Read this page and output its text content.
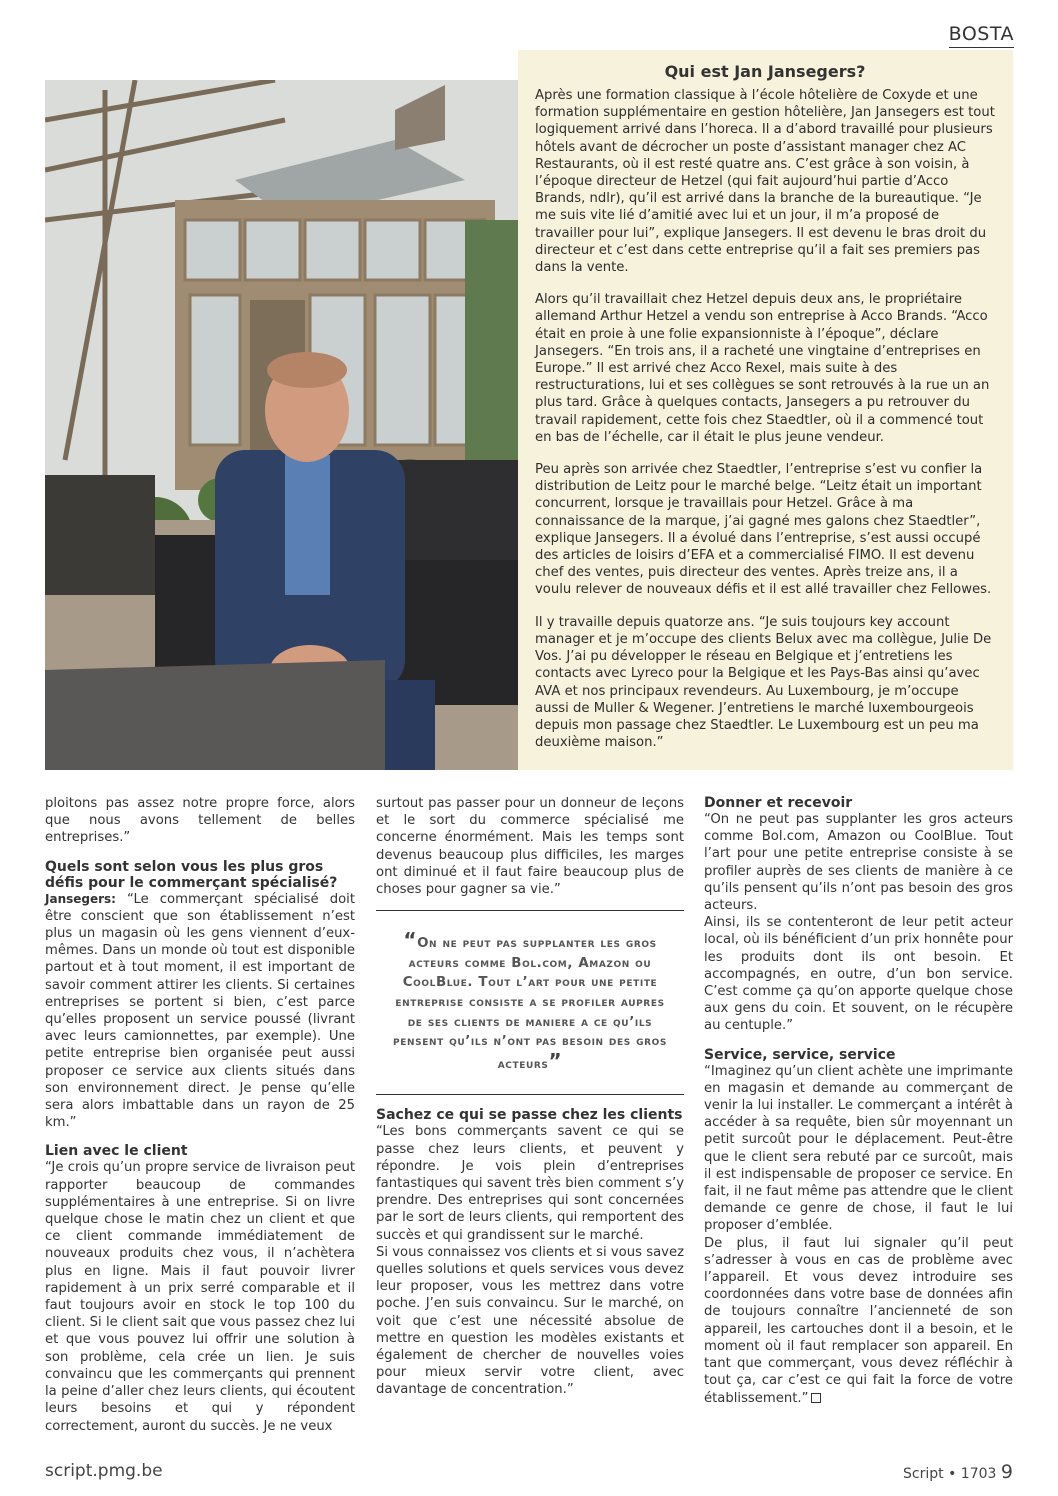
BOSTA
Qui est Jan Jansegers?

Après une formation classique à l’école hôtelière de Coxyde et une formation supplémentaire en gestion hôtelière, Jan Jansegers est tout logiquement arrivé dans l’horeca. Il a d’abord travaillé pour plusieurs hôtels avant de décrocher un poste d’assistant manager chez AC Restaurants, où il est resté quatre ans. C’est grâce à son voisin, à l’époque directeur de Hetzel (qui fait aujourd’hui partie d’Acco Brands, ndlr), qu’il est arrivé dans la branche de la bureautique. “Je me suis vite lié d’amitié avec lui et un jour, il m’a proposé de travailler pour lui”, explique Jansegers. Il est devenu le bras droit du directeur et c’est dans cette entreprise qu’il a fait ses premiers pas dans la vente.

Alors qu’il travaillait chez Hetzel depuis deux ans, le propriétaire allemand Arthur Hetzel a vendu son entreprise à Acco Brands. “Acco était en proie à une folie expansionniste à l’époque”, déclare Jansegers. “En trois ans, il a racheté une vingtaine d’entreprises en Europe.” Il est arrivé chez Acco Rexel, mais suite à des restructurations, lui et ses collègues se sont retrouvés à la rue un an plus tard. Grâce à quelques contacts, Jansegers a pu retrouver du travail rapidement, cette fois chez Staedtler, où il a commencé tout en bas de l’échelle, car il était le plus jeune vendeur.

Peu après son arrivée chez Staedtler, l’entreprise s’est vu confier la distribution de Leitz pour le marché belge. “Leitz était un important concurrent, lorsque je travaillais pour Hetzel. Grâce à ma connaissance de la marque, j’ai gagné mes galons chez Staedtler”, explique Jansegers. Il a évolué dans l’entreprise, s’est aussi occupé des articles de loisirs d’EFA et a commercialisé FIMO. Il est devenu chef des ventes, puis directeur des ventes. Après treize ans, il a voulu relever de nouveaux défis et il est allé travailler chez Fellowes.

Il y travaille depuis quatorze ans. “Je suis toujours key account manager et je m’occupe des clients Belux avec ma collègue, Julie De Vos. J’ai pu développer le réseau en Belgique et j’entretiens les contacts avec Lyreco pour la Belgique et les Pays-Bas ainsi qu’avec AVA et nos principaux revendeurs. Au Luxembourg, je m’occupe aussi de Muller & Wegener. J’entretiens le marché luxembourgeois depuis mon passage chez Staedtler. Le Luxembourg est un peu ma deuxième maison.”

ploitons pas assez notre propre force, alors que nous avons tellement de belles entreprises.”

Quels sont selon vous les plus gros défis pour le commerçant spécialisé?

Jansegers: “Le commerçant spécialisé doit être conscient que son établissement n’est plus un magasin où les gens viennent d’eux-mêmes. Dans un monde où tout est disponible partout et à tout moment, il est important de savoir comment attirer les clients. Si certaines entreprises se portent si bien, c’est parce qu’elles proposent un service poussé (livrant avec leurs camionnettes, par exemple). Une petite entreprise bien organisée peut aussi proposer ce service aux clients situés dans son environnement direct. Je pense qu’elle sera alors imbattable dans un rayon de 25 km.”

Lien avec le client

“Je crois qu’un propre service de livraison peut rapporter beaucoup de commandes supplémentaires à une entreprise. Si on livre quelque chose le matin chez un client et que ce client commande immédiatement de nouveaux produits chez vous, il n’achètera plus en ligne. Mais il faut pouvoir livrer rapidement à un prix serré comparable et il faut toujours avoir en stock le top 100 du client. Si le client sait que vous passez chez lui et que vous pouvez lui offrir une solution à son problème, cela crée un lien. Je suis convaincu que les commerçants qui prennent la peine d’aller chez leurs clients, qui écoutent leurs besoins et qui y répondent correctement, auront du succès. Je ne veux

surtout pas passer pour un donneur de leçons et le sort du commerce spécialisé me concerne énormément. Mais les temps sont devenus beaucoup plus difficiles, les marges ont diminué et il faut faire beaucoup plus de choses pour gagner sa vie.”

“On ne peut pas supplanter les gros acteurs comme Bol.com, Amazon ou CoolBlue. Tout l’art pour une petite entreprise consiste a se profiler aupres de ses clients de maniere a ce qu’ils pensent qu’ils n’ont pas besoin des gros acteurs”
Sachez ce qui se passe chez les clients

“Les bons commerçants savent ce qui se passe chez leurs clients, et peuvent y répondre. Je vois plein d’entreprises fantastiques qui savent très bien comment s’y prendre. Des entreprises qui sont concernées par le sort de leurs clients, qui remportent des succès et qui grandissent sur le marché.

Si vous connaissez vos clients et si vous savez quelles solutions et quels services vous devez leur proposer, vous les mettrez dans votre poche. J’en suis convaincu. Sur le marché, on voit que c’est une nécessité absolue de mettre en question les modèles existants et également de chercher de nouvelles voies pour mieux servir votre client, avec davantage de concentration.”

Donner et recevoir

“On ne peut pas supplanter les gros acteurs comme Bol.com, Amazon ou CoolBlue. Tout l’art pour une petite entreprise consiste à se profiler auprès de ses clients de manière à ce qu’ils pensent qu’ils n’ont pas besoin des gros acteurs.

Ainsi, ils se contenteront de leur petit acteur local, où ils bénéficient d’un prix honnête pour les produits dont ils ont besoin. Et accompagnés, en outre, d’un bon service. C’est comme ça qu’on apporte quelque chose aux gens du coin. Et souvent, on le récupère au centuple.”

Service, service, service

“Imaginez qu’un client achète une imprimante en magasin et demande au commerçant de venir la lui installer. Le commerçant a intérêt à accéder à sa requête, bien sûr moyennant un petit surcoût pour le déplacement. Peut-être que le client sera rebuté par ce surcoût, mais il est indispensable de proposer ce service. En fait, il ne faut même pas attendre que le client demande ce genre de chose, il faut le lui proposer d’emblée.

De plus, il faut lui signaler qu’il peut s’adresser à vous en cas de problème avec l’appareil. Et vous devez introduire ses coordonnées dans votre base de données afin de toujours connaître l’ancienneté de son appareil, les cartouches dont il a besoin, et le moment où il faut remplacer son appareil. En tant que commerçant, vous devez réfléchir à tout ça, car c’est ce qui fait la force de votre établissement.”

script.pmg.be	Script • 1703 9
